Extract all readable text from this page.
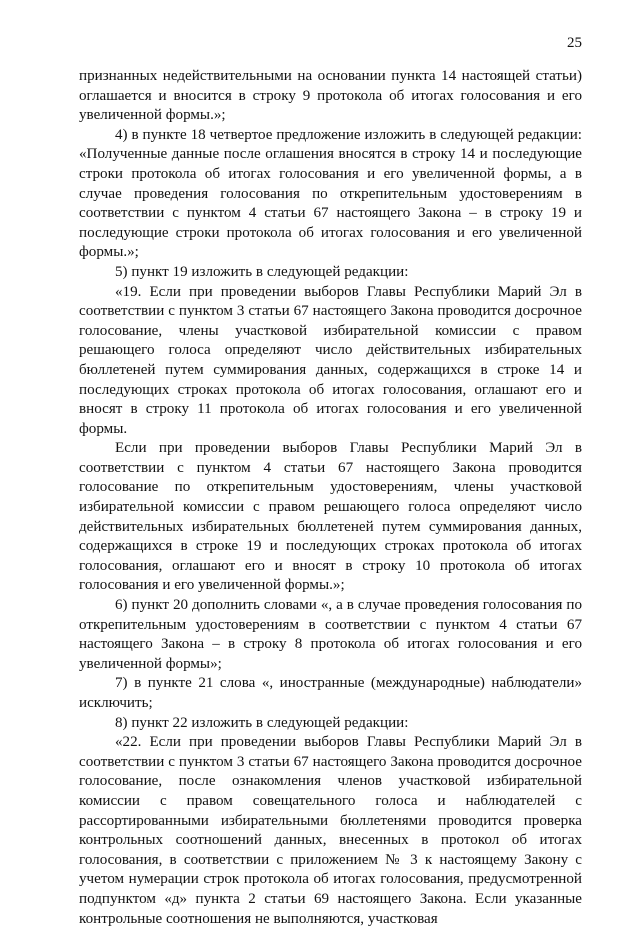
25

признанных недействительными на основании пункта 14 настоящей статьи) оглашается и вносится в строку 9 протокола об итогах голосования и его увеличенной формы.»;

4) в пункте 18 четвертое предложение изложить в следующей редакции: «Полученные данные после оглашения вносятся в строку 14 и последующие строки протокола об итогах голосования и его увеличенной формы, а в случае проведения голосования по открепительным удостоверениям в соответствии с пунктом 4 статьи 67 настоящего Закона – в строку 19 и последующие строки протокола об итогах голосования и его увеличенной формы.»;

5) пункт 19 изложить в следующей редакции:

«19. Если при проведении выборов Главы Республики Марий Эл в соответствии с пунктом 3 статьи 67 настоящего Закона проводится досрочное голосование, члены участковой избирательной комиссии с правом решающего голоса определяют число действительных избирательных бюллетеней путем суммирования данных, содержащихся в строке 14 и последующих строках протокола об итогах голосования, оглашают его и вносят в строку 11 протокола об итогах голосования и его увеличенной формы.

Если при проведении выборов Главы Республики Марий Эл в соответствии с пунктом 4 статьи 67 настоящего Закона проводится голосование по открепительным удостоверениям, члены участковой избирательной комиссии с правом решающего голоса определяют число действительных избирательных бюллетеней путем суммирования данных, содержащихся в строке 19 и последующих строках протокола об итогах голосования, оглашают его и вносят в строку 10 протокола об итогах голосования и его увеличенной формы.»;

6) пункт 20 дополнить словами «, а в случае проведения голосования по открепительным удостоверениям в соответствии с пунктом 4 статьи 67 настоящего Закона – в строку 8 протокола об итогах голосования и его увеличенной формы»;

7) в пункте 21 слова «, иностранные (международные) наблюдатели» исключить;

8) пункт 22 изложить в следующей редакции:

«22. Если при проведении выборов Главы Республики Марий Эл в соответствии с пунктом 3 статьи 67 настоящего Закона проводится досрочное голосование, после ознакомления членов участковой избирательной комиссии с правом совещательного голоса и наблюдателей с рассортированными избирательными бюллетенями проводится проверка контрольных соотношений данных, внесенных в протокол об итогах голосования, в соответствии с приложением № 3 к настоящему Закону с учетом нумерации строк протокола об итогах голосования, предусмотренной подпунктом «д» пункта 2 статьи 69 настоящего Закона. Если указанные контрольные соотношения не выполняются, участковая
